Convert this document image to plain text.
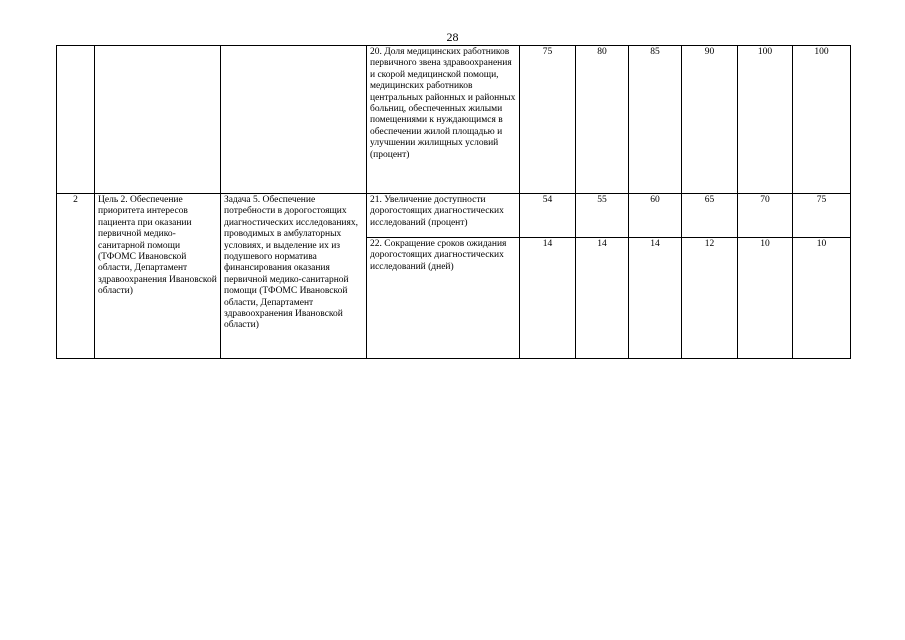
28
			20. Доля медицинских работников первичного звена здравоохранения и скорой медицинской помощи, медицинских работников центральных районных и районных больниц, обеспеченных жилыми помещениями к нуждающимся в обеспечении жилой площадью и улучшении жилищных условий (процент)	75	80	85	90	100	100
2	Цель 2. Обеспечение приоритета интересов пациента при оказании первичной медико-санитарной помощи (ТФОМС Ивановской области, Департамент здравоохранения Ивановской области)	Задача 5. Обеспечение потребности в дорогостоящих диагностических исследованиях, проводимых в амбулаторных условиях, и выделение их из подушевого норматива финансирования оказания первичной медико-санитарной помощи (ТФОМС Ивановской области, Департамент здравоохранения Ивановской области)	21. Увеличение доступности дорогостоящих диагностических исследований (процент)	54	55	60	65	70	75
			22. Сокращение сроков ожидания дорогостоящих диагностических исследований (дней)	14	14	14	12	10	10
